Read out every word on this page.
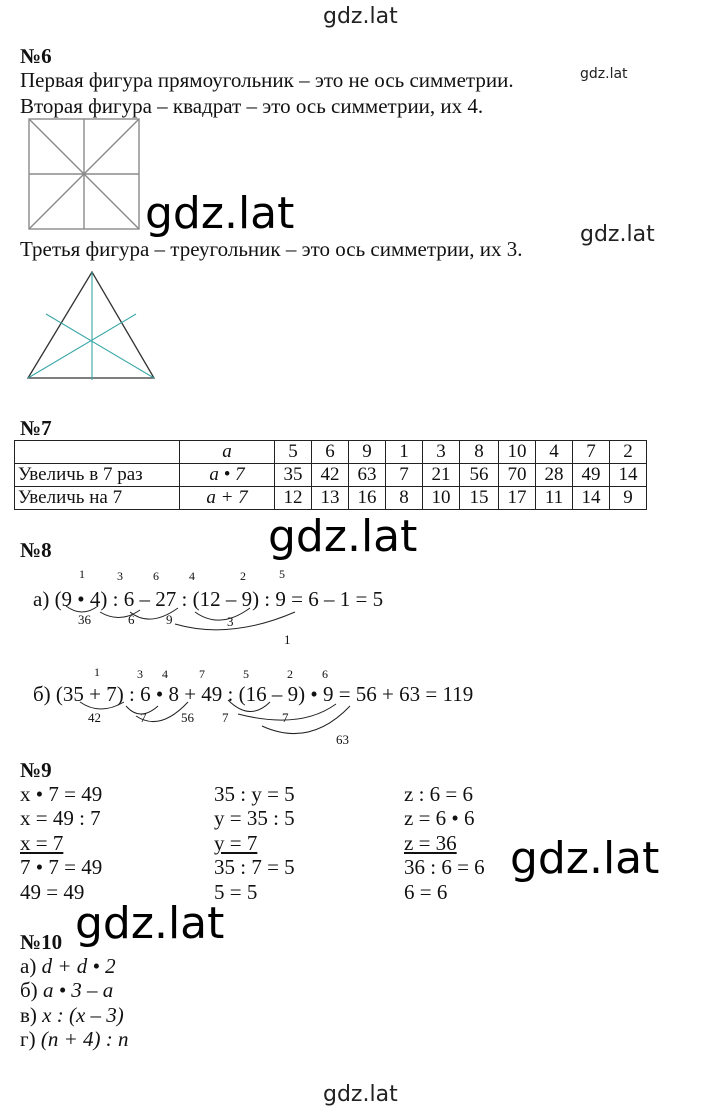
gdz.lat
gdz.lat
gdz.lat	gdz.lat
gdz.lat
gdz.lat
gdz.lat
gdz.lat
№6
Первая фигура прямоугольник – это не ось симметрии.
Вторая фигура – квадрат – это ось симметрии, их 4.
Третья фигура – треугольник – это ось симметрии, их 3.
№7
	a	5	6	9	1	3	8	10	4	7	2
Увеличь в 7 раз	a • 7	35	42	63	7	21	56	70	28	49	14
Увеличь на 7	a + 7	12	13	16	8	10	15	17	11	14	9
№8
1	3	6	4	2	5
а) (9 • 4) : 6 – 27 : (12 – 9) : 9 = 6 – 1 = 5
36	6 9	3
1
1	3 4	7	5	2 6
б) (35 + 7) : 6 • 8 + 49 : (16 – 9) • 9 = 56 + 63 = 119
42	7	56 7	7
63
№9
x • 7 = 49
x = 49 : 7
x = 7
7 • 7 = 49
49 = 49
35 : y = 5
y = 35 : 5
y = 7
35 : 7 = 5
5 = 5
z : 6 = 6
z = 6 • 6
z = 36
36 : 6 = 6
6 = 6
№10
а) d + d • 2
б) a • 3 – a
в) x : (x – 3)
г) (n + 4) : n
